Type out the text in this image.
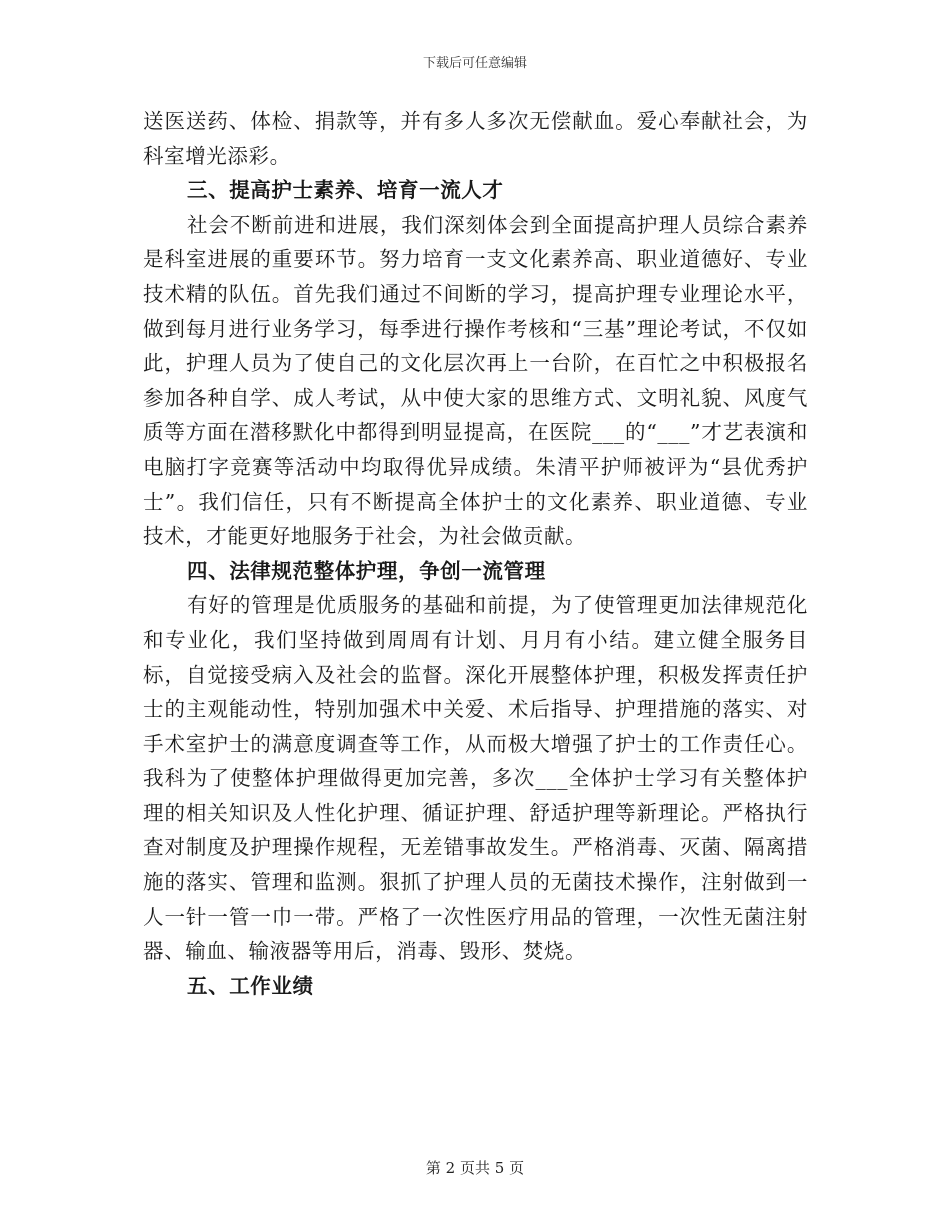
下载后可任意编辑

送医送药、体检、捐款等，并有多人多次无偿献血。爱心奉献社会，为科室增光添彩。

三、提高护士素养、培育一流人才

社会不断前进和进展，我们深刻体会到全面提高护理人员综合素养是科室进展的重要环节。努力培育一支文化素养高、职业道德好、专业技术精的队伍。首先我们通过不间断的学习，提高护理专业理论水平，做到每月进行业务学习，每季进行操作考核和“三基”理论考试，不仅如此，护理人员为了使自己的文化层次再上一台阶，在百忙之中积极报名参加各种自学、成人考试，从中使大家的思维方式、文明礼貌、风度气质等方面在潜移默化中都得到明显提高，在医院___的“___”才艺表演和电脑打字竞赛等活动中均取得优异成绩。朱清平护师被评为“县优秀护士”。我们信任，只有不断提高全体护士的文化素养、职业道德、专业技术，才能更好地服务于社会，为社会做贡献。

四、法律规范整体护理，争创一流管理

有好的管理是优质服务的基础和前提，为了使管理更加法律规范化和专业化，我们坚持做到周周有计划、月月有小结。建立健全服务目标，自觉接受病入及社会的监督。深化开展整体护理，积极发挥责任护士的主观能动性，特别加强术中关爱、术后指导、护理措施的落实、对手术室护士的满意度调查等工作，从而极大增强了护士的工作责任心。我科为了使整体护理做得更加完善，多次___全体护士学习有关整体护理的相关知识及人性化护理、循证护理、舒适护理等新理论。严格执行查对制度及护理操作规程，无差错事故发生。严格消毒、灭菌、隔离措施的落实、管理和监测。狠抓了护理人员的无菌技术操作，注射做到一人一针一管一巾一带。严格了一次性医疗用品的管理，一次性无菌注射器、输血、输液器等用后，消毒、毁形、焚烧。

五、工作业绩

第 2 页共 5 页
